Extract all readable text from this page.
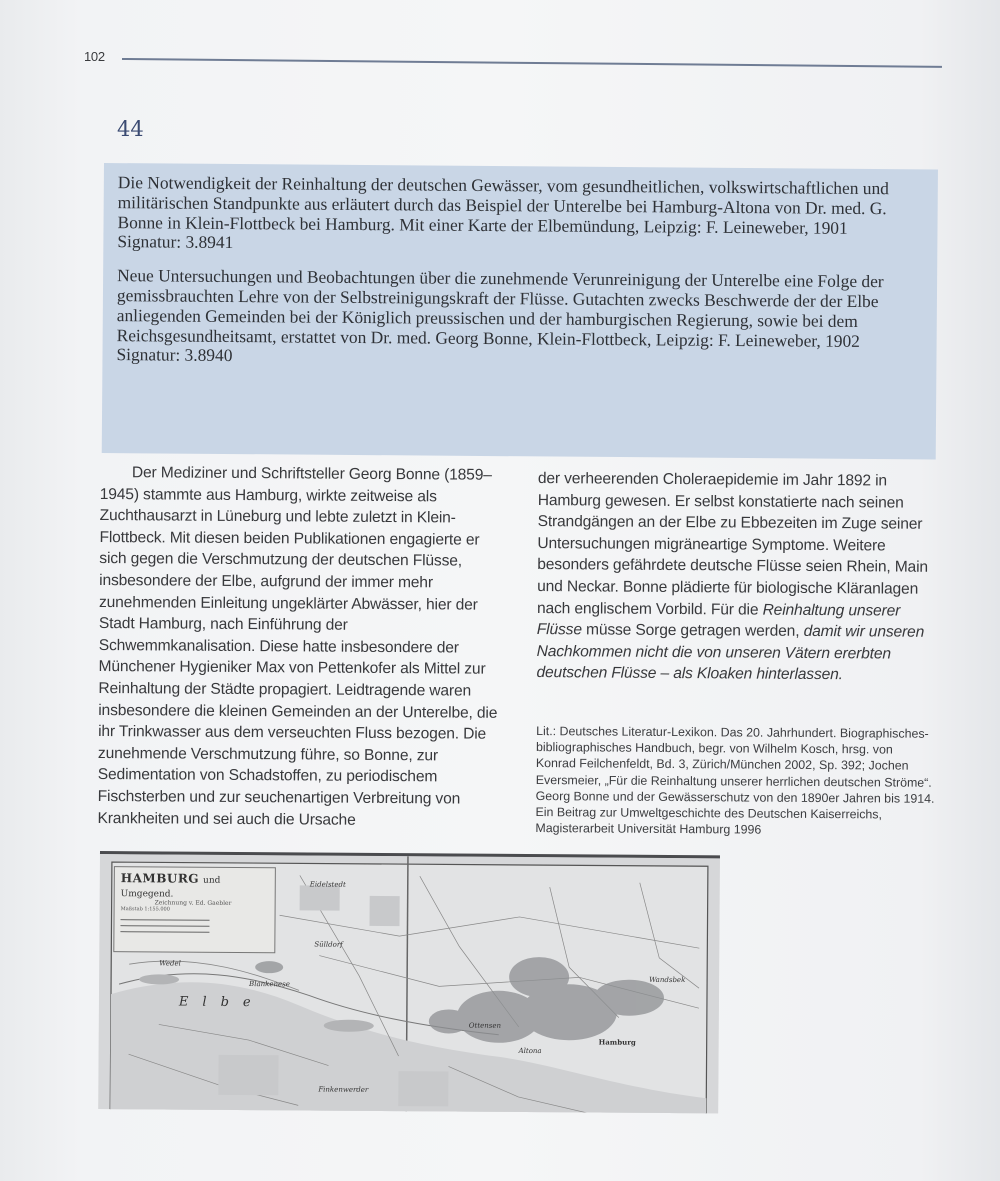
102
44

Die Notwendigkeit der Reinhaltung der deutschen Gewässer, vom gesundheitlichen, volkswirtschaftlichen und militärischen Standpunkte aus erläutert durch das Beispiel der Unterelbe bei Hamburg-Altona von Dr. med. G. Bonne in Klein-Flottbeck bei Hamburg. Mit einer Karte der Elbemündung, Leipzig: F. Leineweber, 1901
Signatur: 3.8941

Neue Untersuchungen und Beobachtungen über die zunehmende Verunreinigung der Unterelbe eine Folge der gemissbrauchten Lehre von der Selbstreinigungskraft der Flüsse. Gutachten zwecks Beschwerde der der Elbe anliegenden Gemeinden bei der Königlich preussischen und der hamburgischen Regierung, sowie bei dem Reichsgesundheitsamt, erstattet von Dr. med. Georg Bonne, Klein-Flottbeck, Leipzig: F. Leineweber, 1902
Signatur: 3.8940

Der Mediziner und Schriftsteller Georg Bonne (1859–1945) stammte aus Hamburg, wirkte zeitweise als Zuchthausarzt in Lüneburg und lebte zuletzt in Klein-Flottbeck. Mit diesen beiden Publikationen engagierte er sich gegen die Verschmutzung der deutschen Flüsse, insbesondere der Elbe, aufgrund der immer mehr zunehmenden Einleitung ungeklärter Abwässer, hier der Stadt Hamburg, nach Einführung der Schwemmkanalisation. Diese hatte insbesondere der Münchener Hygieniker Max von Pettenkofer als Mittel zur Reinhaltung der Städte propagiert. Leidtragende waren insbesondere die kleinen Gemeinden an der Unterelbe, die ihr Trinkwasser aus dem verseuchten Fluss bezogen. Die zunehmende Verschmutzung führe, so Bonne, zur Sedimentation von Schadstoffen, zu periodischem Fischsterben und zur seuchenartigen Verbreitung von Krankheiten und sei auch die Ursache

der verheerenden Choleraepidemie im Jahr 1892 in Hamburg gewesen. Er selbst konstatierte nach seinen Strandgängen an der Elbe zu Ebbezeiten im Zuge seiner Untersuchungen migräneartige Symptome. Weitere besonders gefährdete deutsche Flüsse seien Rhein, Main und Neckar. Bonne plädierte für biologische Kläranlagen nach englischem Vorbild. Für die Reinhaltung unserer Flüsse müsse Sorge getragen werden, damit wir unseren Nachkommen nicht die von unseren Vätern ererbten deutschen Flüsse – als Kloaken hinterlassen.

Lit.: Deutsches Literatur-Lexikon. Das 20. Jahrhundert. Biographisches-bibliographisches Handbuch, begr. von Wilhelm Kosch, hrsg. von Konrad Feilchenfeldt, Bd. 3, Zürich/München 2002, Sp. 392; Jochen Eversmeier, „Für die Reinhaltung unserer herrlichen deutschen Ströme“. Georg Bonne und der Gewässerschutz von den 1890er Jahren bis 1914. Ein Beitrag zur Umweltgeschichte des Deutschen Kaiserreichs, Magisterarbeit Universität Hamburg 1996

HAMBURG und Umgegend.
Zeichnung v. Ed. Gaebler
Maßstab 1:155.000
Wedel
Blankenese
Ottensen
Altona
Hamburg
Wandsbek
Eidelstedt
Sülldorf
Elbe
Finkenwerder
